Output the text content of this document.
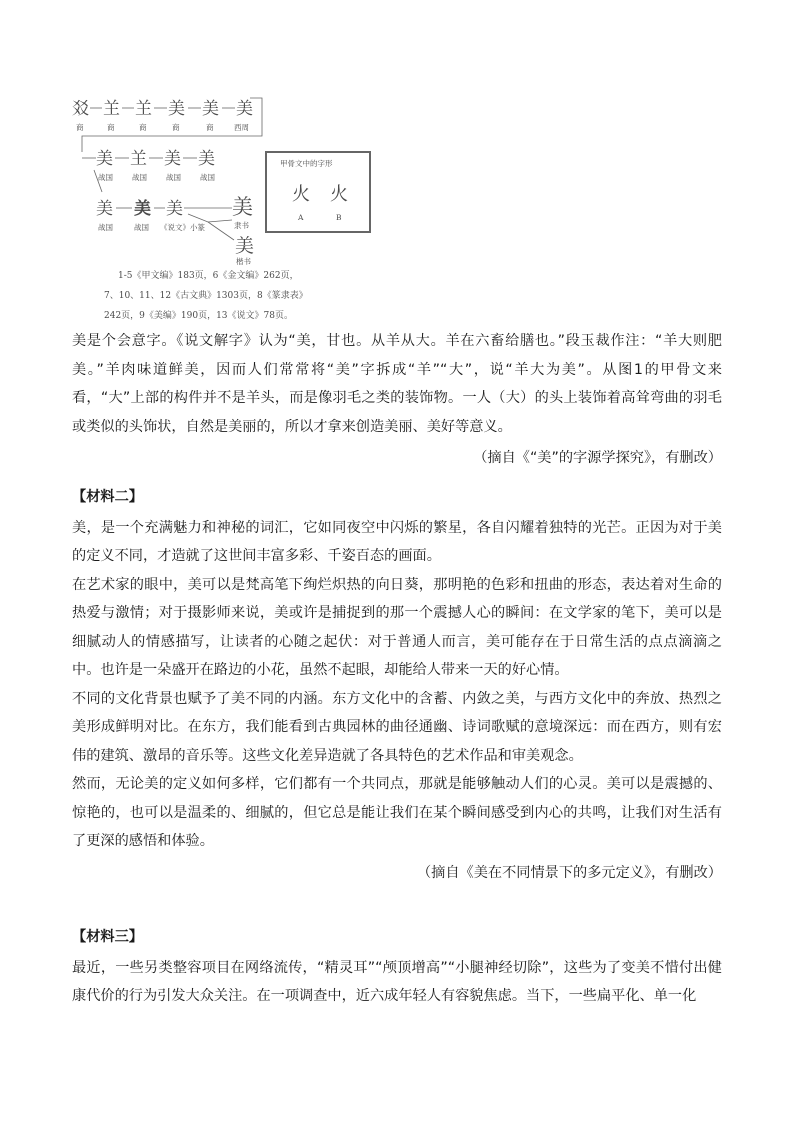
㸚 𦍌 𦍌 美 美 美
商	商	商	商	商	西周
美 𦍌 美 美
战国	战国	战国	战国
美 美 美
战国	战国 《说文》小篆
美
隶书
美
楷书
甲骨文中的字形
火 火
A	B
1-5《甲文编》183页，6《金文编》262页，
7、10、11、12《古文典》1303页，8《篆隶表》
242页，9《美编》190页，13《说文》78页。

美是个会意字。《说文解字》认为“美，甘也。从羊从大。羊在六畜给膳也。”段玉裁作注：“羊大则肥美。”羊肉味道鲜美，因而人们常常将“美”字拆成“羊”“大”，说“羊大为美”。从图1的甲骨文来看，“大”上部的构件并不是羊头，而是像羽毛之类的装饰物。一人（大）的头上装饰着高耸弯曲的羽毛或类似的头饰状，自然是美丽的，所以才拿来创造美丽、美好等意义。

（摘自《“美”的字源学探究》，有删改）

【材料二】

美，是一个充满魅力和神秘的词汇，它如同夜空中闪烁的繁星，各自闪耀着独特的光芒。正因为对于美的定义不同，才造就了这世间丰富多彩、千姿百态的画面。

在艺术家的眼中，美可以是梵高笔下绚烂炽热的向日葵，那明艳的色彩和扭曲的形态，表达着对生命的热爱与激情；对于摄影师来说，美或许是捕捉到的那一个震撼人心的瞬间：在文学家的笔下，美可以是细腻动人的情感描写，让读者的心随之起伏：对于普通人而言，美可能存在于日常生活的点点滴滴之中。也许是一朵盛开在路边的小花，虽然不起眼，却能给人带来一天的好心情。

不同的文化背景也赋予了美不同的内涵。东方文化中的含蓄、内敛之美，与西方文化中的奔放、热烈之美形成鲜明对比。在东方，我们能看到古典园林的曲径通幽、诗词歌赋的意境深远：而在西方，则有宏伟的建筑、激昂的音乐等。这些文化差异造就了各具特色的艺术作品和审美观念。

然而，无论美的定义如何多样，它们都有一个共同点，那就是能够触动人们的心灵。美可以是震撼的、惊艳的，也可以是温柔的、细腻的，但它总是能让我们在某个瞬间感受到内心的共鸣，让我们对生活有了更深的感悟和体验。

（摘自《美在不同情景下的多元定义》，有删改）

【材料三】

最近，一些另类整容项目在网络流传，“精灵耳”“颅顶增高”“小腿神经切除”，这些为了变美不惜付出健康代价的行为引发大众关注。在一项调查中，近六成年轻人有容貌焦虑。当下，一些扁平化、单一化
